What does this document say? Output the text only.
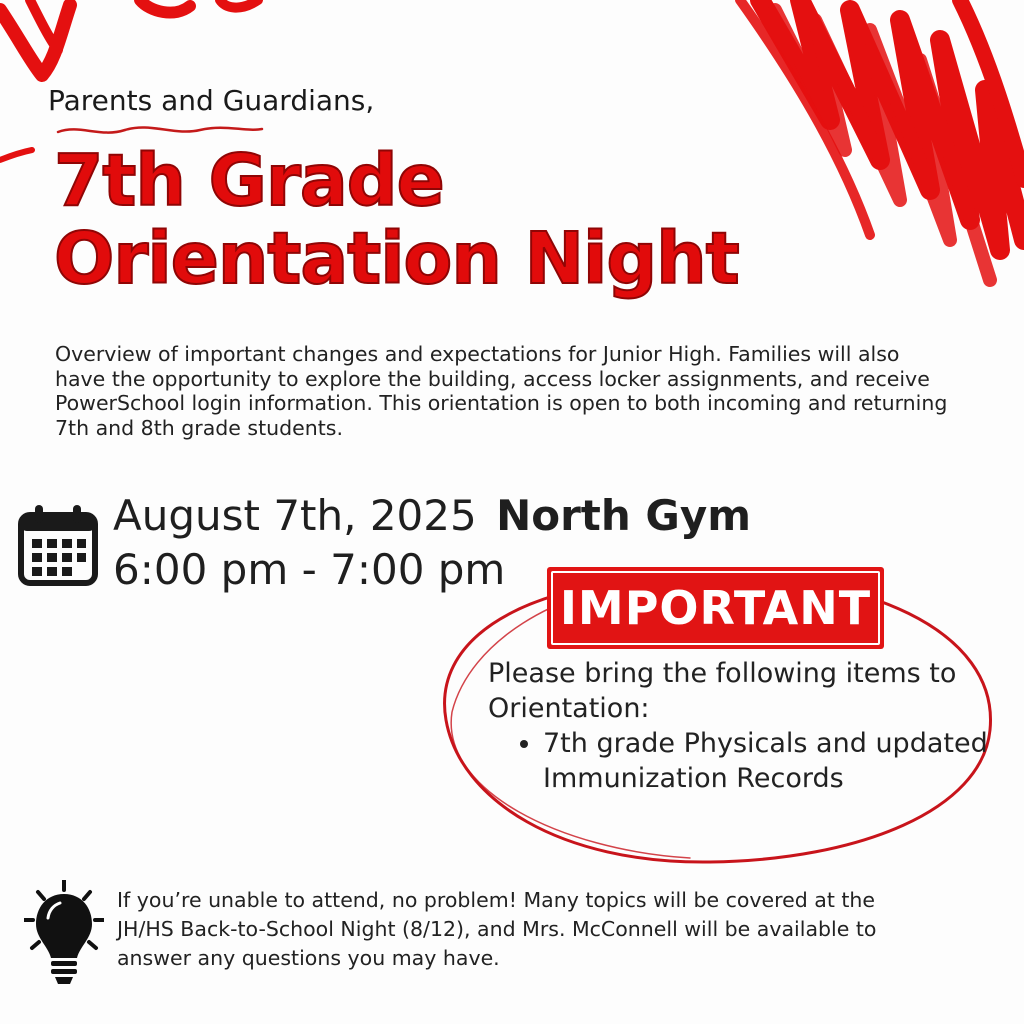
Parents and Guardians,

7th Grade
Orientation Night

Overview of important changes and expectations for Junior High. Families will also have the opportunity to explore the building, access locker assignments, and receive PowerSchool login information. This orientation is open to both incoming and returning 7th and 8th grade students.

August 7th, 2025 North Gym

6:00 pm - 7:00 pm

IMPORTANT
Please bring the following items to Orientation:
• 7th grade Physicals and updated Immunization Records

If you’re unable to attend, no problem! Many topics will be covered at the JH/HS Back-to-School Night (8/12), and Mrs. McConnell will be available to answer any questions you may have.
